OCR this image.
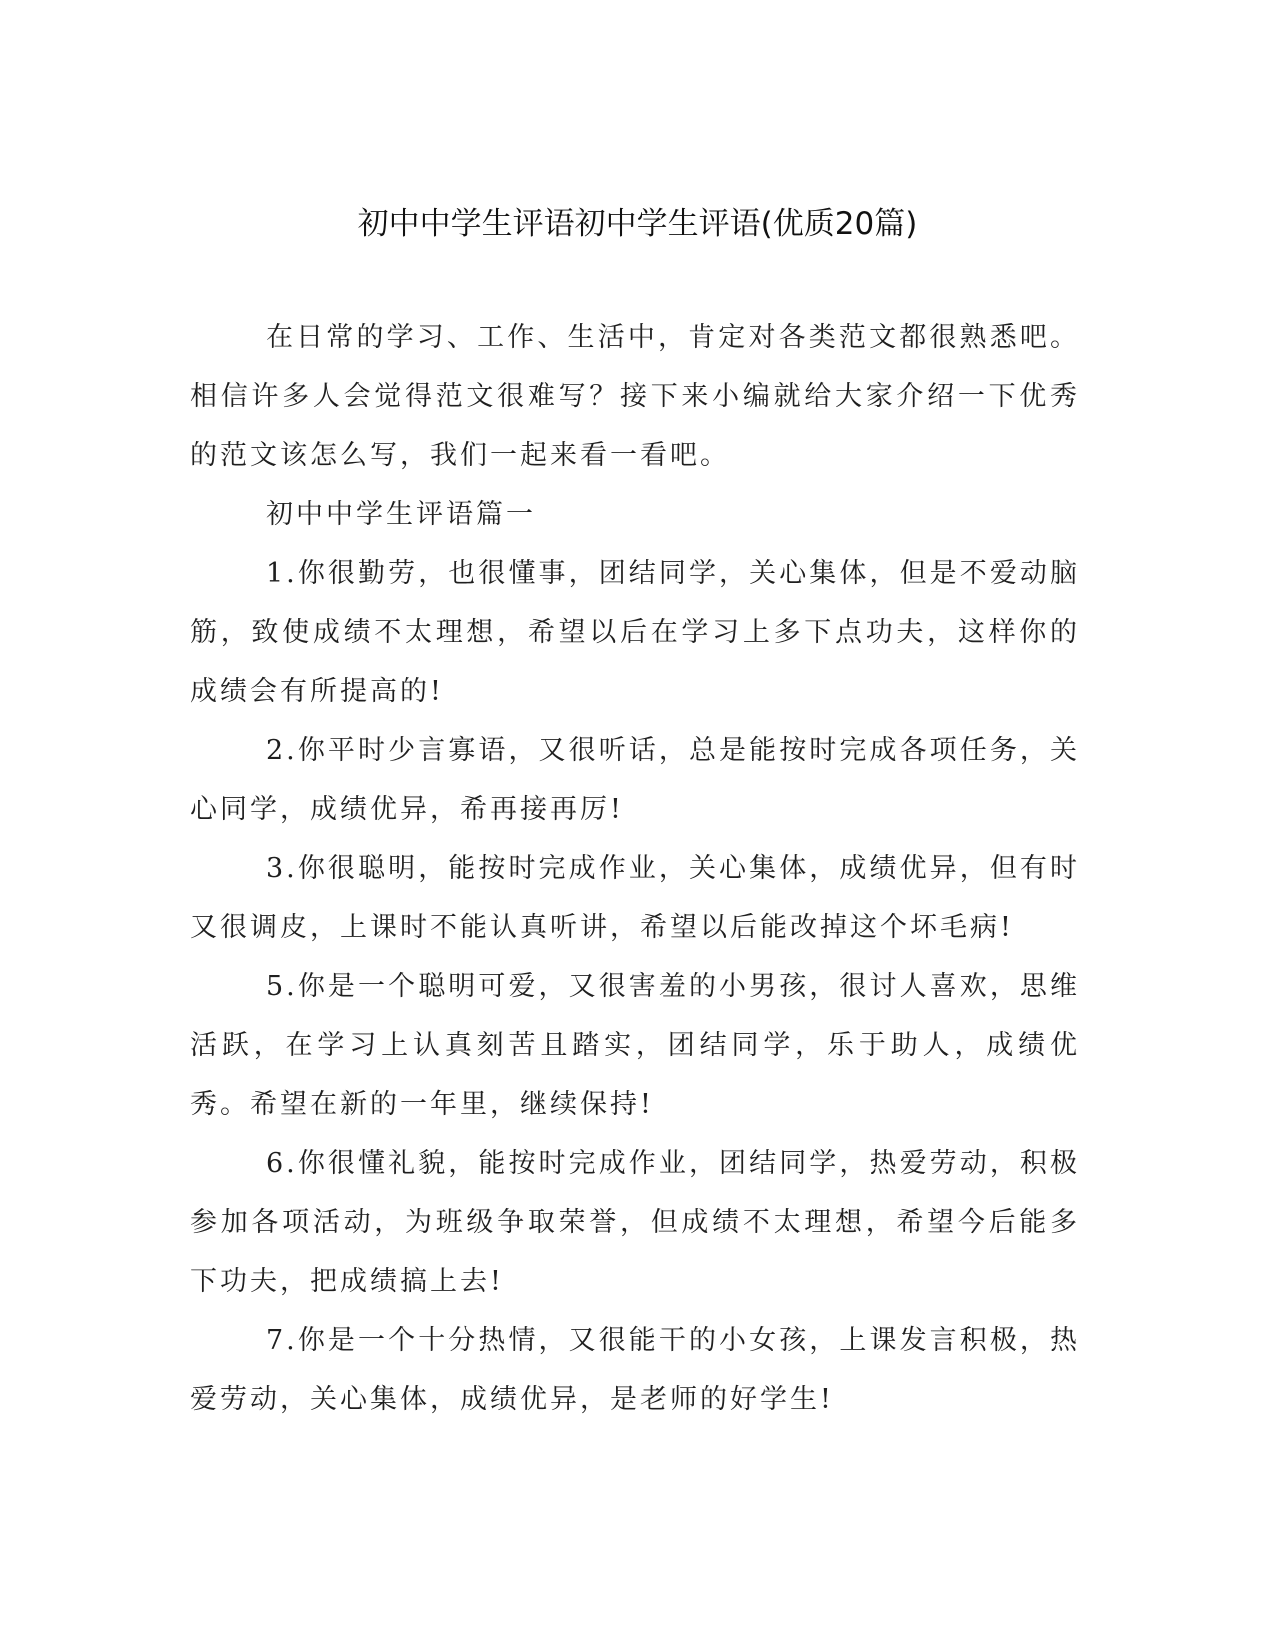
初中中学生评语初中学生评语(优质20篇)

在日常的学习、工作、生活中，肯定对各类范文都很熟悉吧。相信许多人会觉得范文很难写？接下来小编就给大家介绍一下优秀的范文该怎么写，我们一起来看一看吧。

初中中学生评语篇一

1.你很勤劳，也很懂事，团结同学，关心集体，但是不爱动脑筋，致使成绩不太理想，希望以后在学习上多下点功夫，这样你的成绩会有所提高的!

2.你平时少言寡语，又很听话，总是能按时完成各项任务，关心同学，成绩优异，希再接再厉!

3.你很聪明，能按时完成作业，关心集体，成绩优异，但有时又很调皮，上课时不能认真听讲，希望以后能改掉这个坏毛病!

5.你是一个聪明可爱，又很害羞的小男孩，很讨人喜欢，思维活跃，在学习上认真刻苦且踏实，团结同学，乐于助人，成绩优秀。希望在新的一年里，继续保持!

6.你很懂礼貌，能按时完成作业，团结同学，热爱劳动，积极参加各项活动，为班级争取荣誉，但成绩不太理想，希望今后能多下功夫，把成绩搞上去!

7.你是一个十分热情，又很能干的小女孩，上课发言积极，热爱劳动，关心集体，成绩优异，是老师的好学生!
